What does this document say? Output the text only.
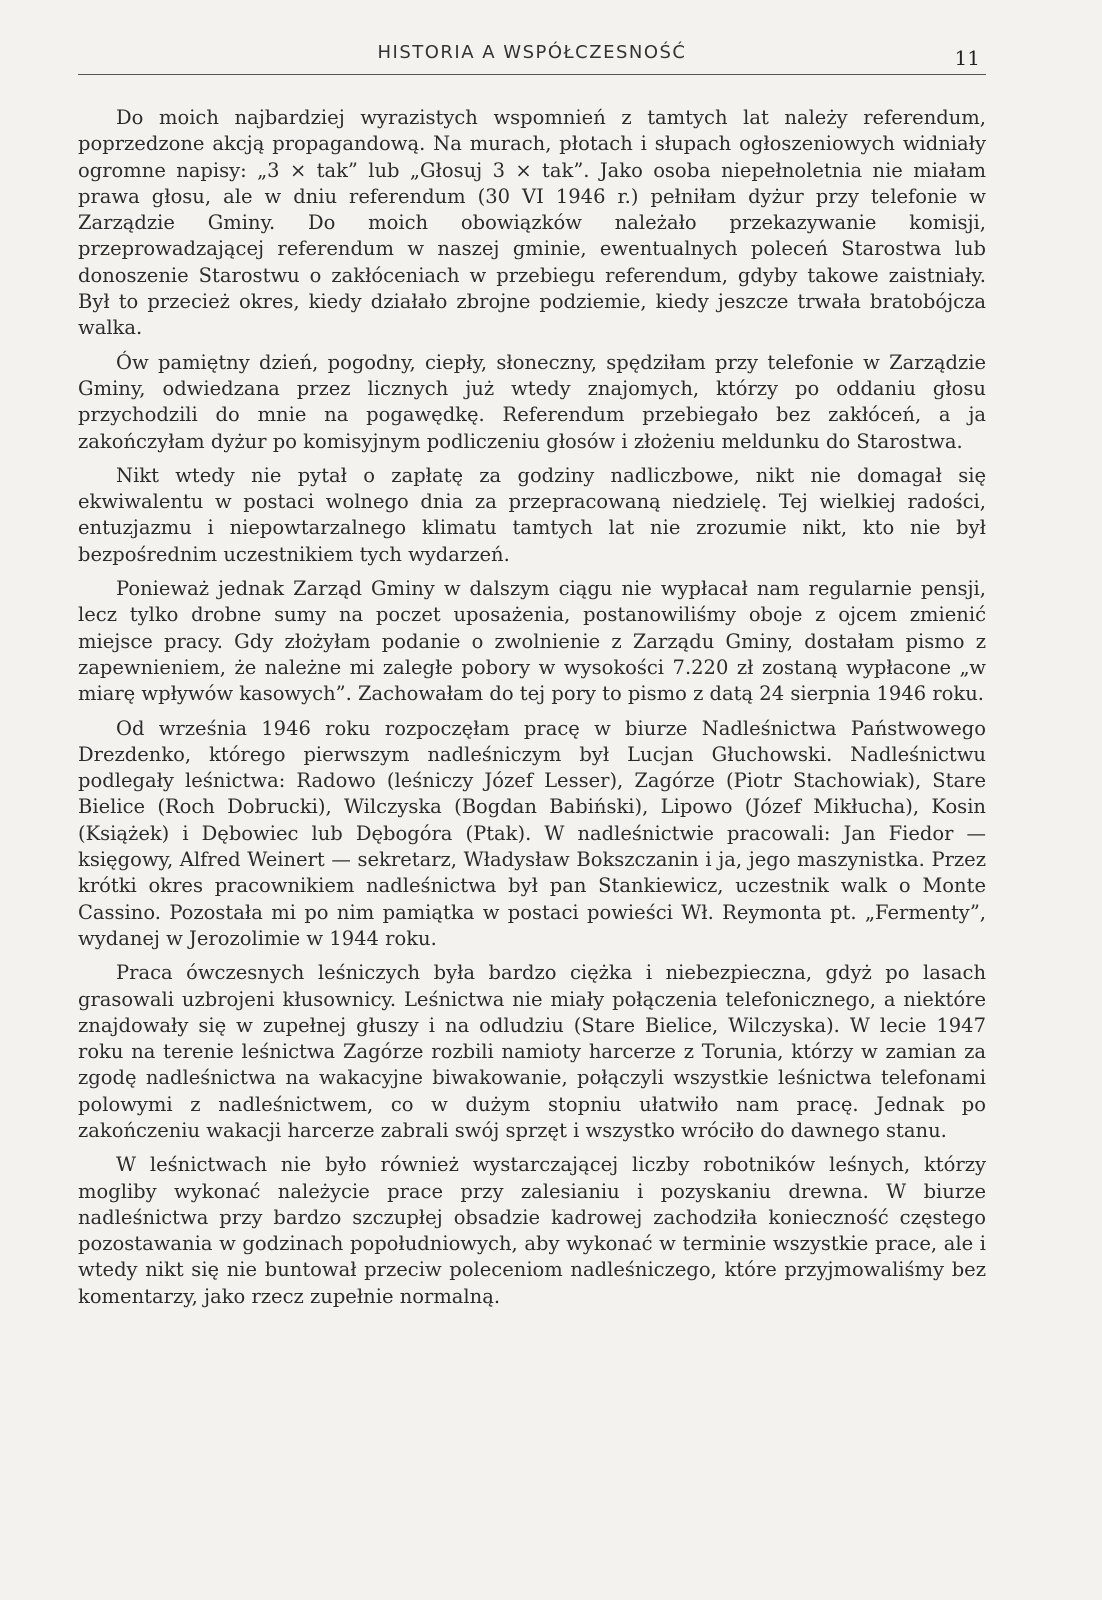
HISTORIA A WSPÓŁCZESNOŚĆ	11

Do moich najbardziej wyrazistych wspomnień z tamtych lat należy referendum, poprzedzone akcją propagandową. Na murach, płotach i słupach ogłoszeniowych widniały ogromne napisy: „3 ⨯ tak” lub „Głosuj 3 ⨯ tak”. Jako osoba niepełnoletnia nie miałam prawa głosu, ale w dniu referendum (30 VI 1946 r.) pełniłam dyżur przy telefonie w Zarządzie Gminy. Do moich obowiązków należało przekazywanie komisji, przeprowadzającej referendum w naszej gminie, ewentualnych poleceń Starostwa lub donoszenie Starostwu o zakłóceniach w przebiegu referendum, gdyby takowe zaistniały. Był to przecież okres, kiedy działało zbrojne podziemie, kiedy jeszcze trwała bratobójcza walka.

Ów pamiętny dzień, pogodny, ciepły, słoneczny, spędziłam przy telefonie w Zarządzie Gminy, odwiedzana przez licznych już wtedy znajomych, którzy po oddaniu głosu przychodzili do mnie na pogawędkę. Referendum przebiegało bez zakłóceń, a ja zakończyłam dyżur po komisyjnym podliczeniu głosów i złożeniu meldunku do Starostwa.

Nikt wtedy nie pytał o zapłatę za godziny nadliczbowe, nikt nie domagał się ekwiwalentu w postaci wolnego dnia za przepracowaną niedzielę. Tej wielkiej radości, entuzjazmu i niepowtarzalnego klimatu tamtych lat nie zrozumie nikt, kto nie był bezpośrednim uczestnikiem tych wydarzeń.

Ponieważ jednak Zarząd Gminy w dalszym ciągu nie wypłacał nam regularnie pensji, lecz tylko drobne sumy na poczet uposażenia, postanowiliśmy oboje z ojcem zmienić miejsce pracy. Gdy złożyłam podanie o zwolnienie z Zarządu Gminy, dostałam pismo z zapewnieniem, że należne mi zaległe pobory w wysokości 7.220 zł zostaną wypłacone „w miarę wpływów kasowych”. Zachowałam do tej pory to pismo z datą 24 sierpnia 1946 roku.

Od września 1946 roku rozpoczęłam pracę w biurze Nadleśnictwa Państwowego Drezdenko, którego pierwszym nadleśniczym był Lucjan Głuchowski. Nadleśnictwu podlegały leśnictwa: Radowo (leśniczy Józef Lesser), Zagórze (Piotr Stachowiak), Stare Bielice (Roch Dobrucki), Wilczyska (Bogdan Babiński), Lipowo (Józef Mikłucha), Kosin (Książek) i Dębowiec lub Dębogóra (Ptak). W nadleśnictwie pracowali: Jan Fiedor — księgowy, Alfred Weinert — sekretarz, Władysław Bokszczanin i ja, jego maszynistka. Przez krótki okres pracownikiem nadleśnictwa był pan Stankiewicz, uczestnik walk o Monte Cassino. Pozostała mi po nim pamiątka w postaci powieści Wł. Reymonta pt. „Fermenty”, wydanej w Jerozolimie w 1944 roku.

Praca ówczesnych leśniczych była bardzo ciężka i niebezpieczna, gdyż po lasach grasowali uzbrojeni kłusownicy. Leśnictwa nie miały połączenia telefonicznego, a niektóre znajdowały się w zupełnej głuszy i na odludziu (Stare Bielice, Wilczyska). W lecie 1947 roku na terenie leśnictwa Zagórze rozbili namioty harcerze z Torunia, którzy w zamian za zgodę nadleśnictwa na wakacyjne biwakowanie, połączyli wszystkie leśnictwa telefonami polowymi z nadleśnictwem, co w dużym stopniu ułatwiło nam pracę. Jednak po zakończeniu wakacji harcerze zabrali swój sprzęt i wszystko wróciło do dawnego stanu.

W leśnictwach nie było również wystarczającej liczby robotników leśnych, którzy mogliby wykonać należycie prace przy zalesianiu i pozyskaniu drewna. W biurze nadleśnictwa przy bardzo szczupłej obsadzie kadrowej zachodziła konieczność częstego pozostawania w godzinach popołudniowych, aby wykonać w terminie wszystkie prace, ale i wtedy nikt się nie buntował przeciw poleceniom nadleśniczego, które przyjmowaliśmy bez komentarzy, jako rzecz zupełnie normalną.
